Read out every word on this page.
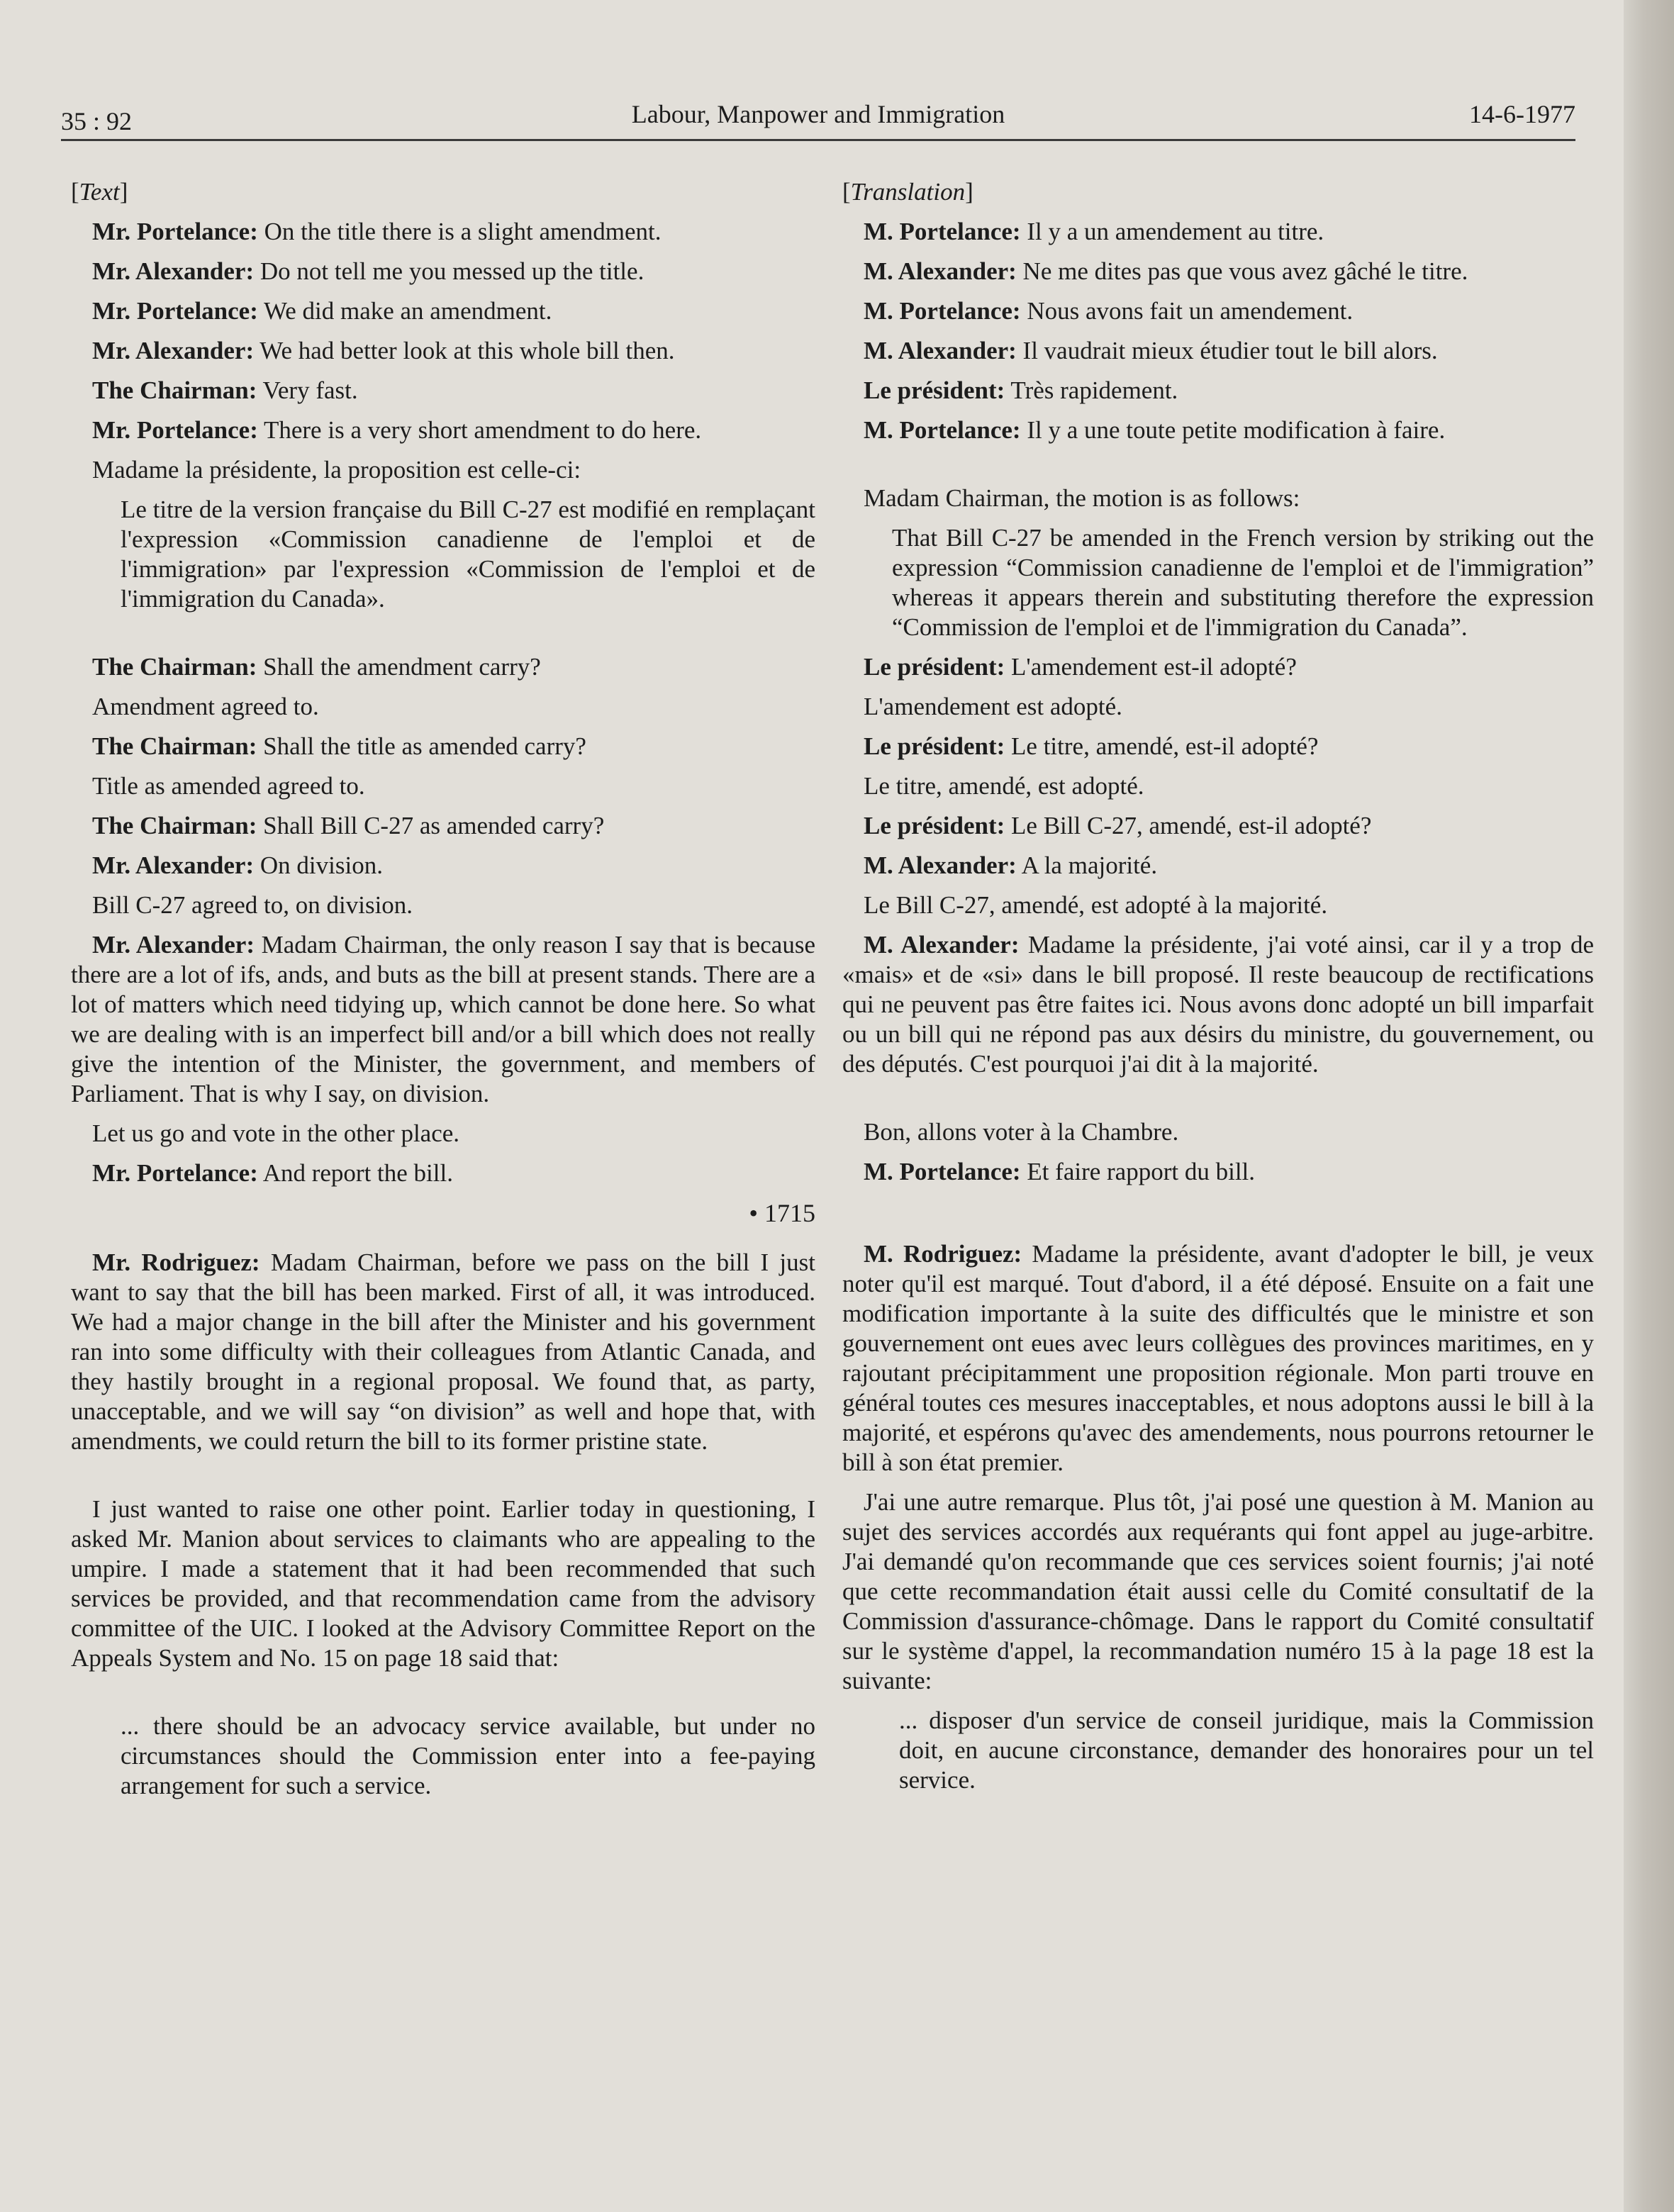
35 : 92	Labour, Manpower and Immigration	14-6-1977

[Text]

Mr. Portelance: On the title there is a slight amendment.

Mr. Alexander: Do not tell me you messed up the title.

Mr. Portelance: We did make an amendment.

Mr. Alexander: We had better look at this whole bill then.

The Chairman: Very fast.

Mr. Portelance: There is a very short amendment to do here.

Madame la présidente, la proposition est celle-ci:

Le titre de la version française du Bill C-27 est modifié en remplaçant l'expression «Commission canadienne de l'emploi et de l'immigration» par l'expression «Commission de l'emploi et de l'immigration du Canada».

The Chairman: Shall the amendment carry?

Amendment agreed to.

The Chairman: Shall the title as amended carry?

Title as amended agreed to.

The Chairman: Shall Bill C-27 as amended carry?

Mr. Alexander: On division.

Bill C-27 agreed to, on division.

Mr. Alexander: Madam Chairman, the only reason I say that is because there are a lot of ifs, ands, and buts as the bill at present stands. There are a lot of matters which need tidying up, which cannot be done here. So what we are dealing with is an imperfect bill and/or a bill which does not really give the intention of the Minister, the government, and members of Parliament. That is why I say, on division.

Let us go and vote in the other place.

Mr. Portelance: And report the bill.

• 1715

Mr. Rodriguez: Madam Chairman, before we pass on the bill I just want to say that the bill has been marked. First of all, it was introduced. We had a major change in the bill after the Minister and his government ran into some difficulty with their colleagues from Atlantic Canada, and they hastily brought in a regional proposal. We found that, as party, unacceptable, and we will say “on division” as well and hope that, with amendments, we could return the bill to its former pristine state.

I just wanted to raise one other point. Earlier today in questioning, I asked Mr. Manion about services to claimants who are appealing to the umpire. I made a statement that it had been recommended that such services be provided, and that recommendation came from the advisory committee of the UIC. I looked at the Advisory Committee Report on the Appeals System and No. 15 on page 18 said that:

... there should be an advocacy service available, but under no circumstances should the Commission enter into a fee-paying arrangement for such a service.

[Translation]

M. Portelance: Il y a un amendement au titre.

M. Alexander: Ne me dites pas que vous avez gâché le titre.

M. Portelance: Nous avons fait un amendement.

M. Alexander: Il vaudrait mieux étudier tout le bill alors.

Le président: Très rapidement.

M. Portelance: Il y a une toute petite modification à faire.

Madam Chairman, the motion is as follows:

That Bill C-27 be amended in the French version by striking out the expression “Commission canadienne de l'emploi et de l'immigration” whereas it appears therein and substituting therefore the expression “Commission de l'emploi et de l'immigration du Canada”.

Le président: L'amendement est-il adopté?

L'amendement est adopté.

Le président: Le titre, amendé, est-il adopté?

Le titre, amendé, est adopté.

Le président: Le Bill C-27, amendé, est-il adopté?

M. Alexander: A la majorité.

Le Bill C-27, amendé, est adopté à la majorité.

M. Alexander: Madame la présidente, j'ai voté ainsi, car il y a trop de «mais» et de «si» dans le bill proposé. Il reste beaucoup de rectifications qui ne peuvent pas être faites ici. Nous avons donc adopté un bill imparfait ou un bill qui ne répond pas aux désirs du ministre, du gouvernement, ou des députés. C'est pourquoi j'ai dit à la majorité.

Bon, allons voter à la Chambre.

M. Portelance: Et faire rapport du bill.

M. Rodriguez: Madame la présidente, avant d'adopter le bill, je veux noter qu'il est marqué. Tout d'abord, il a été déposé. Ensuite on a fait une modification importante à la suite des difficultés que le ministre et son gouvernement ont eues avec leurs collègues des provinces maritimes, en y rajoutant précipitamment une proposition régionale. Mon parti trouve en général toutes ces mesures inacceptables, et nous adoptons aussi le bill à la majorité, et espérons qu'avec des amendements, nous pourrons retourner le bill à son état premier.

J'ai une autre remarque. Plus tôt, j'ai posé une question à M. Manion au sujet des services accordés aux requérants qui font appel au juge-arbitre. J'ai demandé qu'on recommande que ces services soient fournis; j'ai noté que cette recommandation était aussi celle du Comité consultatif de la Commission d'assurance-chômage. Dans le rapport du Comité consultatif sur le système d'appel, la recommandation numéro 15 à la page 18 est la suivante:

... disposer d'un service de conseil juridique, mais la Commission doit, en aucune circonstance, demander des honoraires pour un tel service.
